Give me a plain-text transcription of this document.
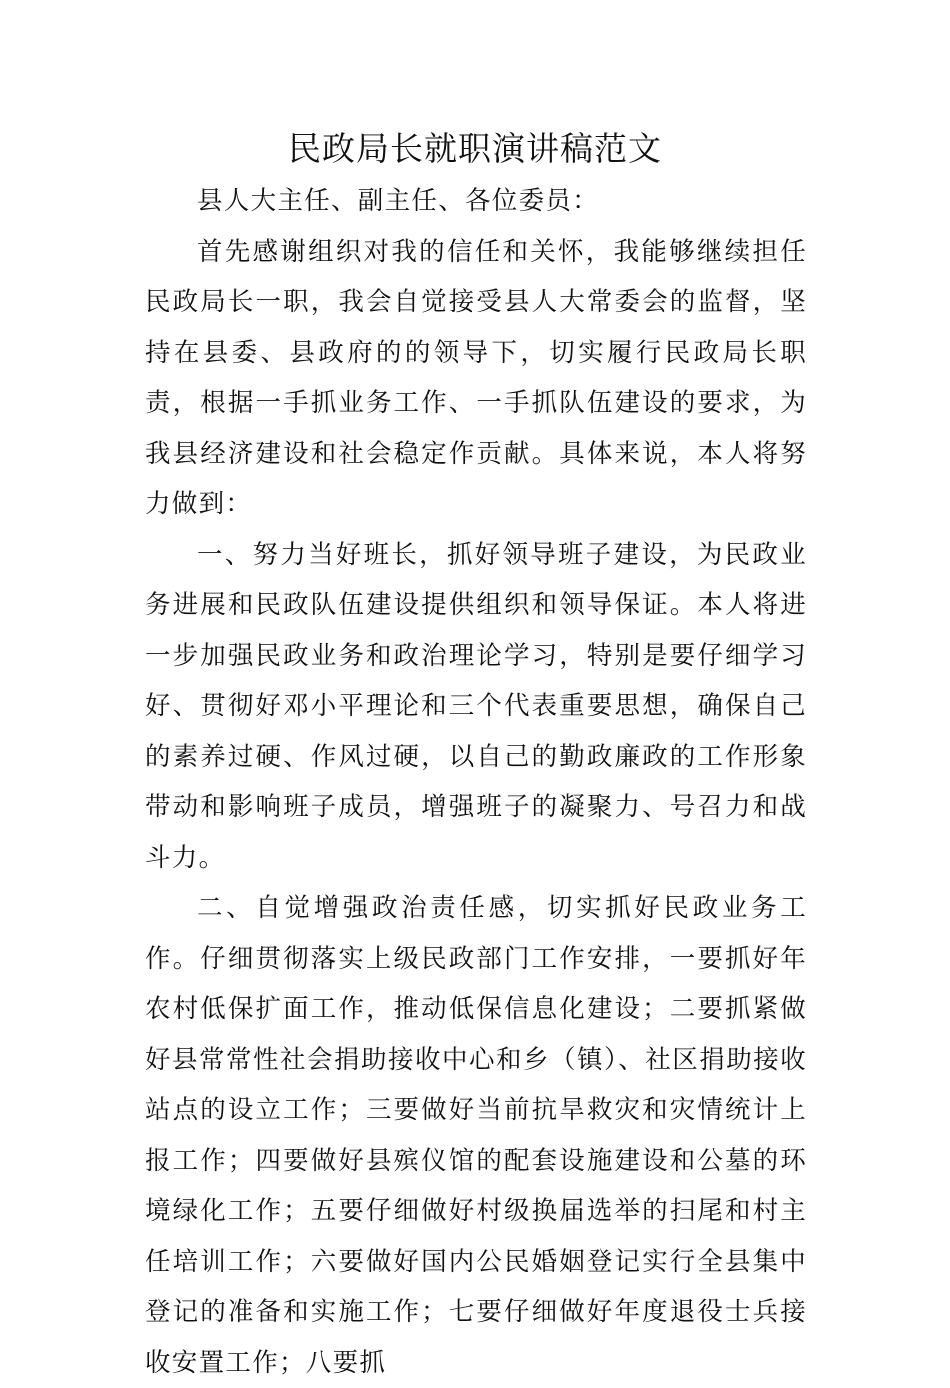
民政局长就职演讲稿范文

县人大主任、副主任、各位委员：

首先感谢组织对我的信任和关怀，我能够继续担任民政局长一职，我会自觉接受县人大常委会的监督，坚持在县委、县政府的的领导下，切实履行民政局长职责，根据一手抓业务工作、一手抓队伍建设的要求，为我县经济建设和社会稳定作贡献。具体来说，本人将努力做到：

一、努力当好班长，抓好领导班子建设，为民政业务进展和民政队伍建设提供组织和领导保证。本人将进一步加强民政业务和政治理论学习，特别是要仔细学习好、贯彻好邓小平理论和三个代表重要思想，确保自己的素养过硬、作风过硬，以自己的勤政廉政的工作形象带动和影响班子成员，增强班子的凝聚力、号召力和战斗力。

二、自觉增强政治责任感，切实抓好民政业务工作。仔细贯彻落实上级民政部门工作安排，一要抓好年农村低保扩面工作，推动低保信息化建设；二要抓紧做好县常常性社会捐助接收中心和乡（镇）、社区捐助接收站点的设立工作；三要做好当前抗旱救灾和灾情统计上报工作；四要做好县殡仪馆的配套设施建设和公墓的环境绿化工作；五要仔细做好村级换届选举的扫尾和村主任培训工作；六要做好国内公民婚姻登记实行全县集中登记的准备和实施工作；七要仔细做好年度退役士兵接收安置工作；八要抓
